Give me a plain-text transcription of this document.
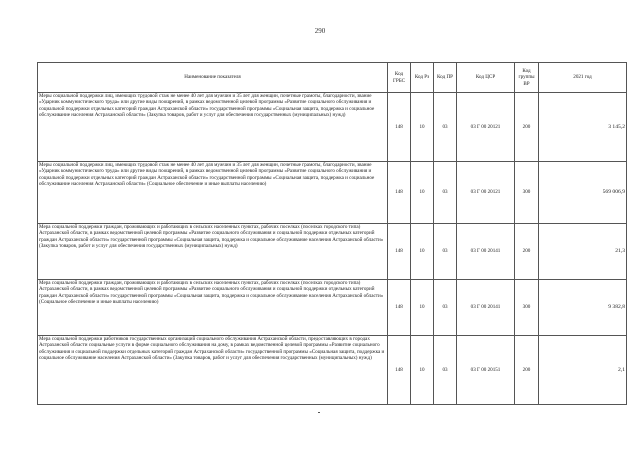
290
Наименование показателя	Код ГРБС	Код Рз	Код ПР	Код ЦСР	Код группы ВР	2021 год
Меры социальной поддержки лиц, имеющих трудовой стаж не менее 40 лет для мужчин и 35 лет для женщин, почетные грамоты, благодарности, звание «Ударник коммунистического труда» или другие виды поощрений, в рамках ведомственной целевой программы «Развитие социального обслуживания и социальной поддержки отдельных категорий граждан Астраханской области» государственной программы «Социальная защита, поддержка и социальное обслуживание населения Астраханской области» (Закупка товаров, работ и услуг для обеспечения государственных (муниципальных) нужд)	148	10	03	03 Г 00 20121	200	3 145,2
Меры социальной поддержки лиц, имеющих трудовой стаж не менее 40 лет для мужчин и 35 лет для женщин, почетные грамоты, благодарности, звание «Ударник коммунистического труда» или другие виды поощрений, в рамках ведомственной целевой программы «Развитие социального обслуживания и социальной поддержки отдельных категорий граждан Астраханской области» государственной программы «Социальная защита, поддержка и социальное обслуживание населения Астраханской области» (Социальное обеспечение и иные выплаты населению)	148	10	03	03 Г 00 20121	300	569 006,9
Мера социальной поддержки граждан, проживающих и работающих в сельских населенных пунктах, рабочих поселках (поселках городского типа) Астраханской области, в рамках ведомственной целевой программы «Развитие социального обслуживания и социальной поддержки отдельных категорий граждан Астраханской области» государственной программы «Социальная защита, поддержка и социальное обслуживание населения Астраханской области» (Закупка товаров, работ и услуг для обеспечения государственных (муниципальных) нужд)	148	10	03	03 Г 00 20141	200	21,3
Мера социальной поддержки граждан, проживающих и работающих в сельских населенных пунктах, рабочих поселках (поселках городского типа) Астраханской области, в рамках ведомственной целевой программы «Развитие социального обслуживания и социальной поддержки отдельных категорий граждан Астраханской области» государственной программы «Социальная защита, поддержка и социальное обслуживание населения Астраханской области» (Социальное обеспечение и иные выплаты населению)	148	10	03	03 Г 00 20141	300	9 382,8
Мера социальной поддержки работников государственных организаций социального обслуживания Астраханской области, предоставляющих в городах Астраханской области социальные услуги в форме социального обслуживания на дому, в рамках ведомственной целевой программы «Развитие социального обслуживания и социальной поддержки отдельных категорий граждан Астраханской области» государственной программы «Социальная защита, поддержка и социальное обслуживание населения Астраханской области» (Закупка товаров, работ и услуг для обеспечения государственных (муниципальных) нужд)	148	10	03	03 Г 00 20151	200	2,1
